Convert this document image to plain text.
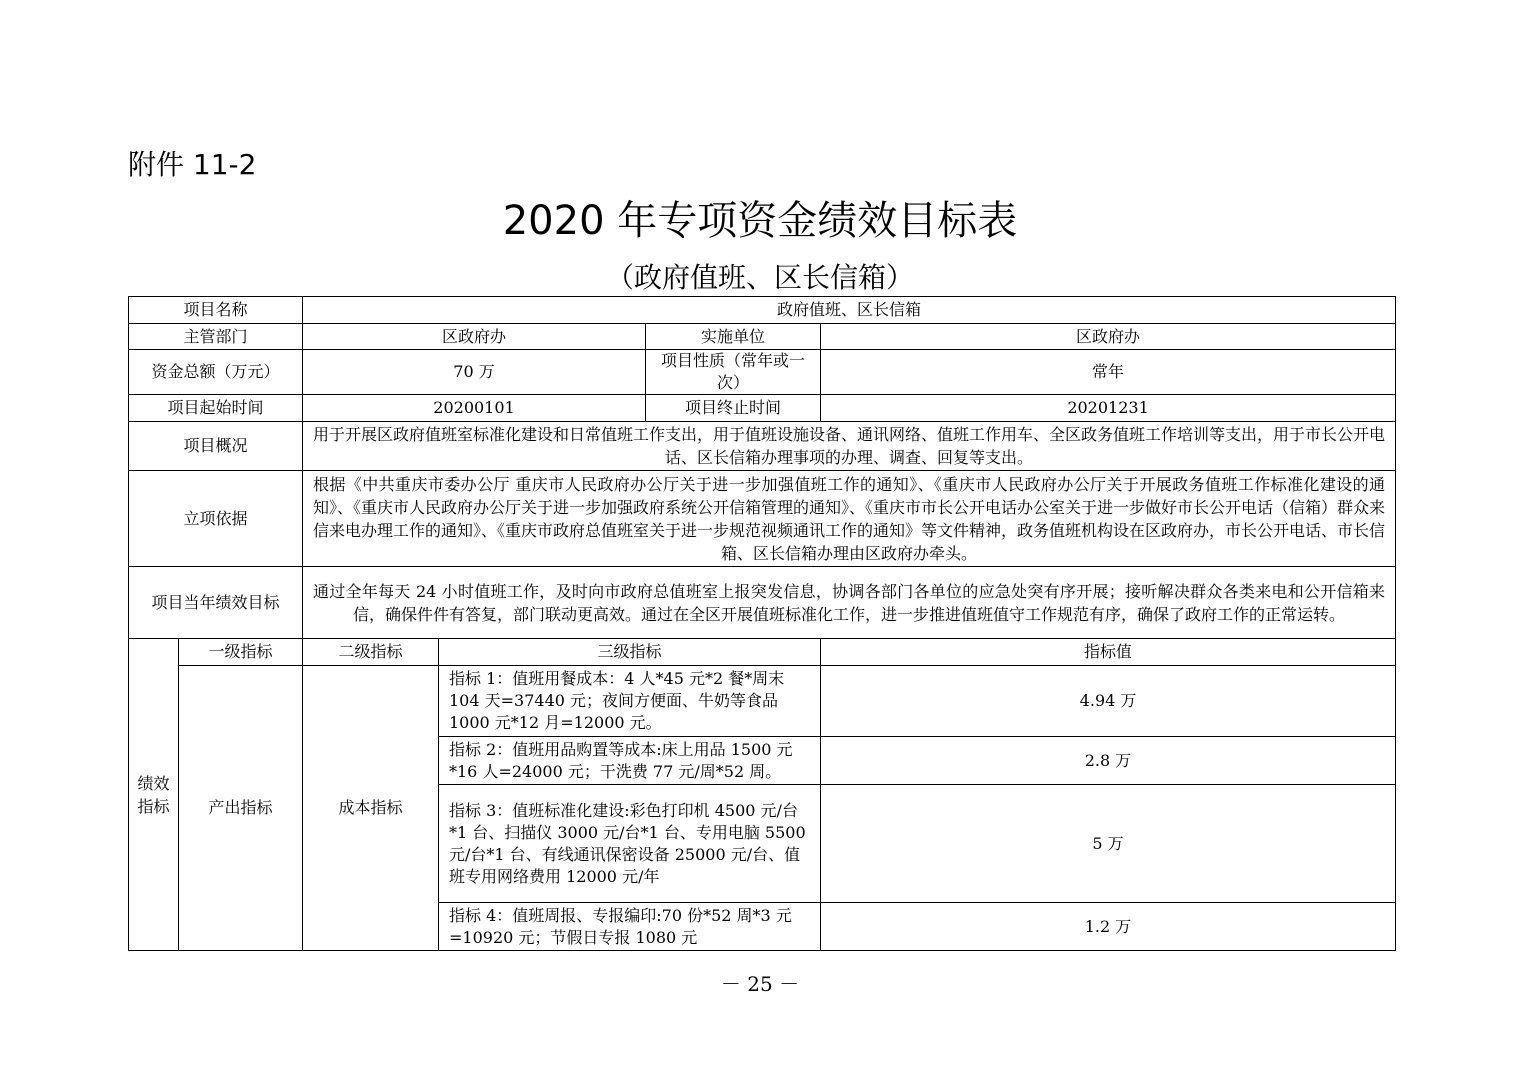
附件 11-2
2020 年专项资金绩效目标表
（政府值班、区长信箱）
项目名称		政府值班、区长信箱			
主管部门		区政府办		实施单位	区政府办
资金总额（万元）		70 万		项目性质（常年或一次）	常年
项目起始时间		20200101		项目终止时间	20201231
项目概况		用于开展区政府值班室标准化建设和日常值班工作支出，用于值班设施设备、通讯网络、值班工作用车、全区政务值班工作培训等支出，用于市长公开电话、区长信箱办理事项的办理、调查、回复等支出。			
立项依据		根据《中共重庆市委办公厅 重庆市人民政府办公厅关于进一步加强值班工作的通知》、《重庆市人民政府办公厅关于开展政务值班工作标准化建设的通知》、《重庆市人民政府办公厅关于进一步加强政府系统公开信箱管理的通知》、《重庆市市长公开电话办公室关于进一步做好市长公开电话（信箱）群众来信来电办理工作的通知》、《重庆市政府总值班室关于进一步规范视频通讯工作的通知》等文件精神，政务值班机构设在区政府办，市长公开电话、市长信箱、区长信箱办理由区政府办牵头。			
项目当年绩效目标		通过全年每天 24 小时值班工作，及时向市政府总值班室上报突发信息，协调各部门各单位的应急处突有序开展；接听解决群众各类来电和公开信箱来信，确保件件有答复，部门联动更高效。通过在全区开展值班标准化工作，进一步推进值班值守工作规范有序，确保了政府工作的正常运转。			
绩效指标	一级指标	二级指标	三级指标		指标值
	产出指标	成本指标	指标 1：值班用餐成本：4 人*45 元*2 餐*周末 104 天=37440 元；夜间方便面、牛奶等食品 1000 元*12 月=12000 元。		4.94 万
			指标 2：值班用品购置等成本:床上用品 1500 元*16 人=24000 元；干洗费 77 元/周*52 周。		2.8 万
			指标 3：值班标准化建设:彩色打印机 4500 元/台*1 台、扫描仪 3000 元/台*1 台、专用电脑 5500 元/台*1 台、有线通讯保密设备 25000 元/台、值班专用网络费用 12000 元/年		5 万
			指标 4：值班周报、专报编印:70 份*52 周*3 元=10920 元；节假日专报 1080 元		1.2 万
－ 25 －
